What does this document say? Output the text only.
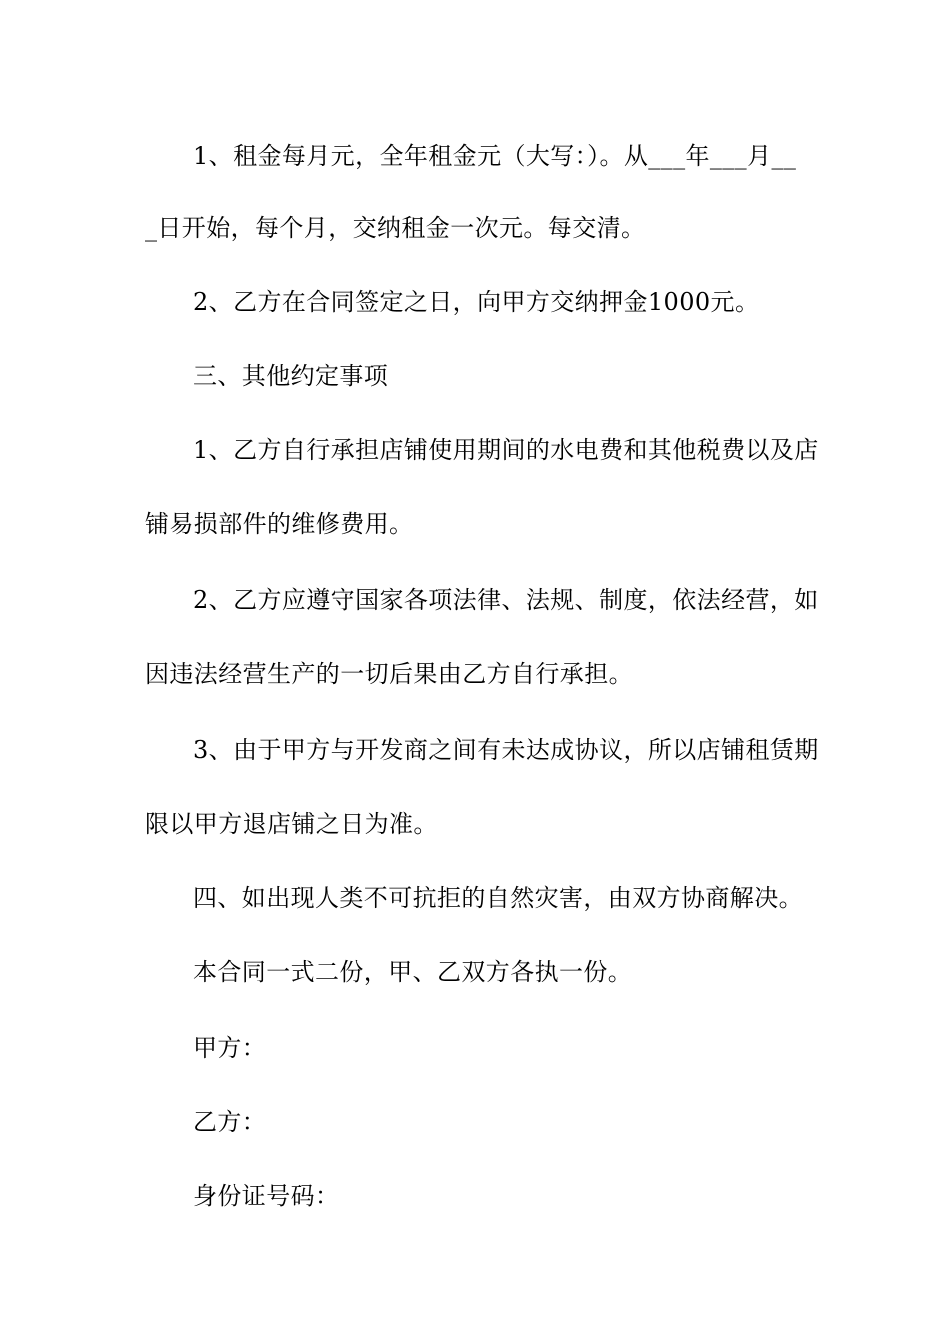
1、租金每月元，全年租金元（大写：）。从___年___月__
_日开始，每个月，交纳租金一次元。每交清。
2、乙方在合同签定之日，向甲方交纳押金1000元。
三、其他约定事项
1、乙方自行承担店铺使用期间的水电费和其他税费以及店
铺易损部件的维修费用。
2、乙方应遵守国家各项法律、法规、制度，依法经营，如
因违法经营生产的一切后果由乙方自行承担。
3、由于甲方与开发商之间有未达成协议，所以店铺租赁期
限以甲方退店铺之日为准。
四、如出现人类不可抗拒的自然灾害，由双方协商解决。
本合同一式二份，甲、乙双方各执一份。
甲方：
乙方：
身份证号码：
